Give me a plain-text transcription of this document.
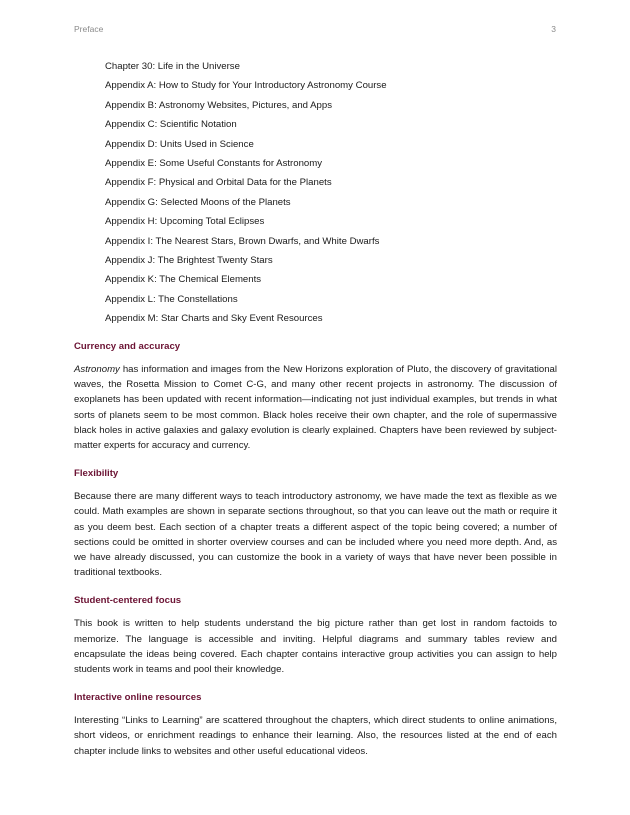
Preface	3
Chapter 30: Life in the Universe
Appendix A: How to Study for Your Introductory Astronomy Course
Appendix B: Astronomy Websites, Pictures, and Apps
Appendix C: Scientific Notation
Appendix D: Units Used in Science
Appendix E: Some Useful Constants for Astronomy
Appendix F: Physical and Orbital Data for the Planets
Appendix G: Selected Moons of the Planets
Appendix H: Upcoming Total Eclipses
Appendix I: The Nearest Stars, Brown Dwarfs, and White Dwarfs
Appendix J: The Brightest Twenty Stars
Appendix K: The Chemical Elements
Appendix L: The Constellations
Appendix M: Star Charts and Sky Event Resources
Currency and accuracy

Astronomy has information and images from the New Horizons exploration of Pluto, the discovery of gravitational waves, the Rosetta Mission to Comet C-G, and many other recent projects in astronomy. The discussion of exoplanets has been updated with recent information—indicating not just individual examples, but trends in what sorts of planets seem to be most common. Black holes receive their own chapter, and the role of supermassive black holes in active galaxies and galaxy evolution is clearly explained. Chapters have been reviewed by subject-matter experts for accuracy and currency.

Flexibility

Because there are many different ways to teach introductory astronomy, we have made the text as flexible as we could. Math examples are shown in separate sections throughout, so that you can leave out the math or require it as you deem best. Each section of a chapter treats a different aspect of the topic being covered; a number of sections could be omitted in shorter overview courses and can be included where you need more depth. And, as we have already discussed, you can customize the book in a variety of ways that have never been possible in traditional textbooks.

Student-centered focus

This book is written to help students understand the big picture rather than get lost in random factoids to memorize. The language is accessible and inviting. Helpful diagrams and summary tables review and encapsulate the ideas being covered. Each chapter contains interactive group activities you can assign to help students work in teams and pool their knowledge.

Interactive online resources

Interesting “Links to Learning” are scattered throughout the chapters, which direct students to online animations, short videos, or enrichment readings to enhance their learning. Also, the resources listed at the end of each chapter include links to websites and other useful educational videos.
